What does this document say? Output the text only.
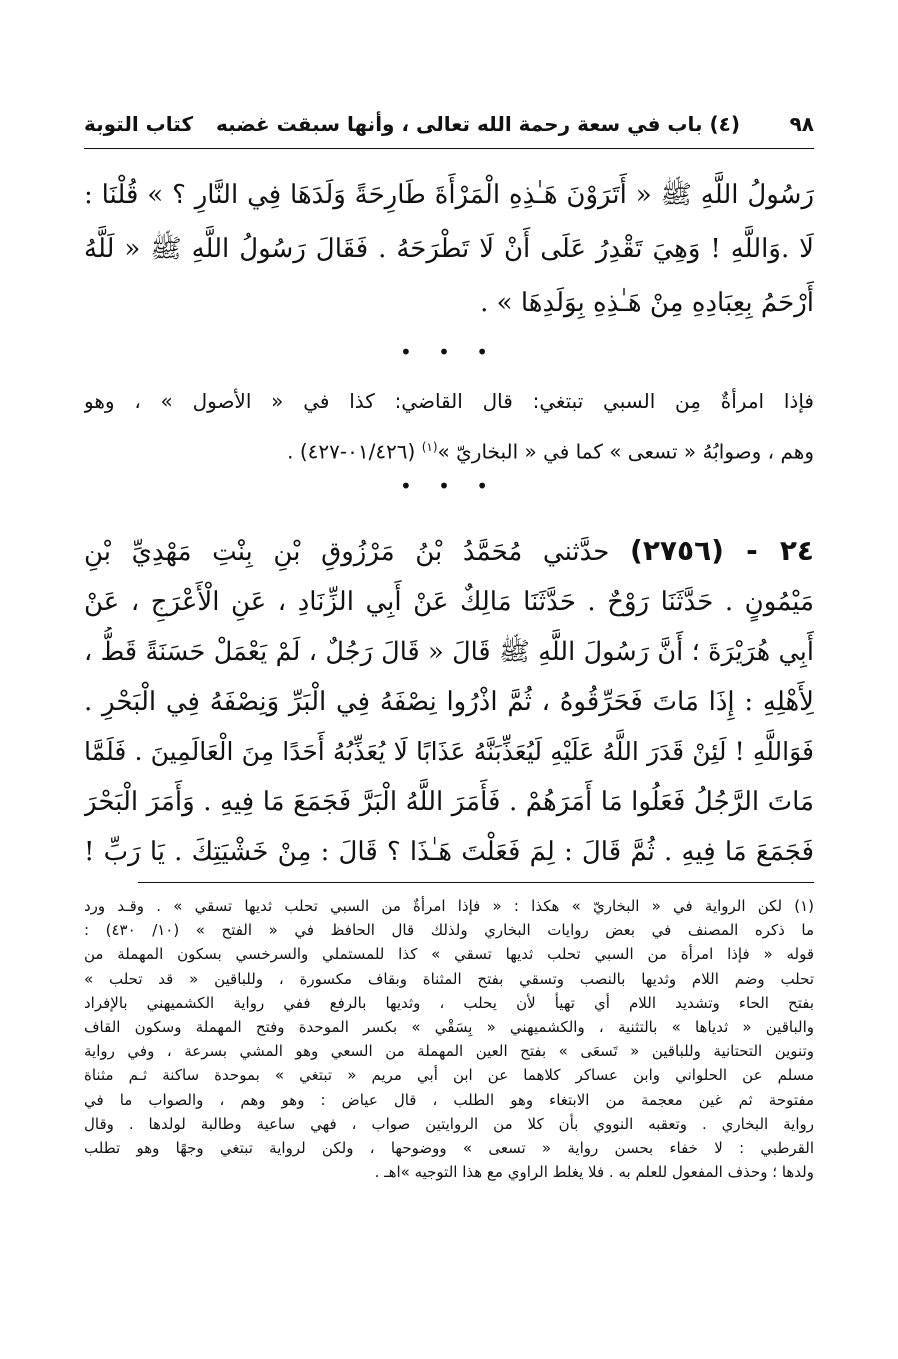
٩٨
(٤) باب في سعة رحمة الله تعالى ، وأنها سبقت غضبه
كتاب التوبة
رَسُولُ اللَّهِ ﷺ « أَتَرَوْنَ هَـٰذِهِ الْمَرْأَةَ طَارِحَةً وَلَدَهَا فِي النَّارِ ؟ » قُلْنَا :
لَا .وَاللَّهِ ! وَهِيَ تَقْدِرُ عَلَى أَنْ لَا تَطْرَحَهُ . فَقَالَ رَسُولُ اللَّهِ ﷺ « لَلَّهُ
أَرْحَمُ بِعِبَادِهِ مِنْ هَـٰذِهِ بِوَلَدِهَا » .
• • •
فإذا امرأةٌ مِن السبي تبتغي: قال القاضي: كذا في « الأصول » ، وهو
وهم ، وصوابُهُ « تسعى » كما في « البخاريّ »$^{(١)}$ (٠١/٤٢٦-٤٢٧) .
• • •
٢٤ - (٢٧٥٦) حدَّثني مُحَمَّدُ بْنُ مَرْزُوقِ بْنِ بِنْتِ مَهْدِيِّ بْنِ
مَيْمُونٍ . حَدَّثَنَا رَوْحٌ . حَدَّثَنَا مَالِكٌ عَنْ أَبِي الزِّنَادِ ، عَنِ الْأَعْرَجِ ، عَنْ
أَبِي هُرَيْرَةَ ؛ أَنَّ رَسُولَ اللَّهِ ﷺ قَالَ « قَالَ رَجُلٌ ، لَمْ يَعْمَلْ حَسَنَةً قَطُّ ،
لِأَهْلِهِ : إِذَا مَاتَ فَحَرِّقُوهُ ، ثُمَّ اذْرُوا نِصْفَهُ فِي الْبَرِّ وَنِصْفَهُ فِي الْبَحْرِ .
فَوَاللَّهِ ! لَئِنْ قَدَرَ اللَّهُ عَلَيْهِ لَيُعَذِّبَنَّهُ عَذَابًا لَا يُعَذِّبُهُ أَحَدًا مِنَ الْعَالَمِينَ . فَلَمَّا
مَاتَ الرَّجُلُ فَعَلُوا مَا أَمَرَهُمْ . فَأَمَرَ اللَّهُ الْبَرَّ فَجَمَعَ مَا فِيهِ . وَأَمَرَ الْبَحْرَ
فَجَمَعَ مَا فِيهِ . ثُمَّ قَالَ : لِمَ فَعَلْتَ هَـٰذَا ؟ قَالَ : مِنْ خَشْيَتِكَ . يَا رَبِّ !
(١) لكن الرواية في « البخاريّ » هكذا : « فإذا امرأةٌ من السبي تحلب ثديها تسقي » . وقـد ورد
ما ذكره المصنف في بعض روايات البخاري ولذلك قال الحافظ في « الفتح » (١٠/ ٤٣٠) :
قوله « فإذا امرأة من السبي تحلب ثديها تسقي » كذا للمستملي والسرخسي بسكون المهملة من
تحلب وضم اللام وثديها بالنصب وتسقي بفتح المثناة وبقاف مكسورة ، وللباقين « قد تحلب »
بفتح الحاء وتشديد اللام أي تهيأ لأن يحلب ، وثديها بالرفع ففي رواية الكشميهني بالإفراد
والباقين « ثدياها » بالتثنية ، والكشميهني « بِسَقْي » بكسر الموحدة وفتح المهملة وسكون القاف
وتنوين التحتانية وللباقين « تَسعَى » بفتح العين المهملة من السعي وهو المشي بسرعة ، وفي رواية
مسلم عن الحلواني وابن عساكر كلاهما عن ابن أبي مريم « تبتغي » بموحدة ساكنة ثـم مثناة
مفتوحة ثم غين معجمة من الابتغاء وهو الطلب ، قال عياض : وهو وهم ، والصواب ما في
رواية البخاري . وتعقبه النووي بأن كلا من الروايتين صواب ، فهي ساعية وطالبة لولدها . وقال
القرطبي : لا خفاء بحسن رواية « تسعى » ووضوحها ، ولكن لرواية تبتغي وجهًا وهو تطلب
ولدها ؛ وحذف المفعول للعلم به . فلا يغلط الراوي مع هذا التوجيه »اهـ .
